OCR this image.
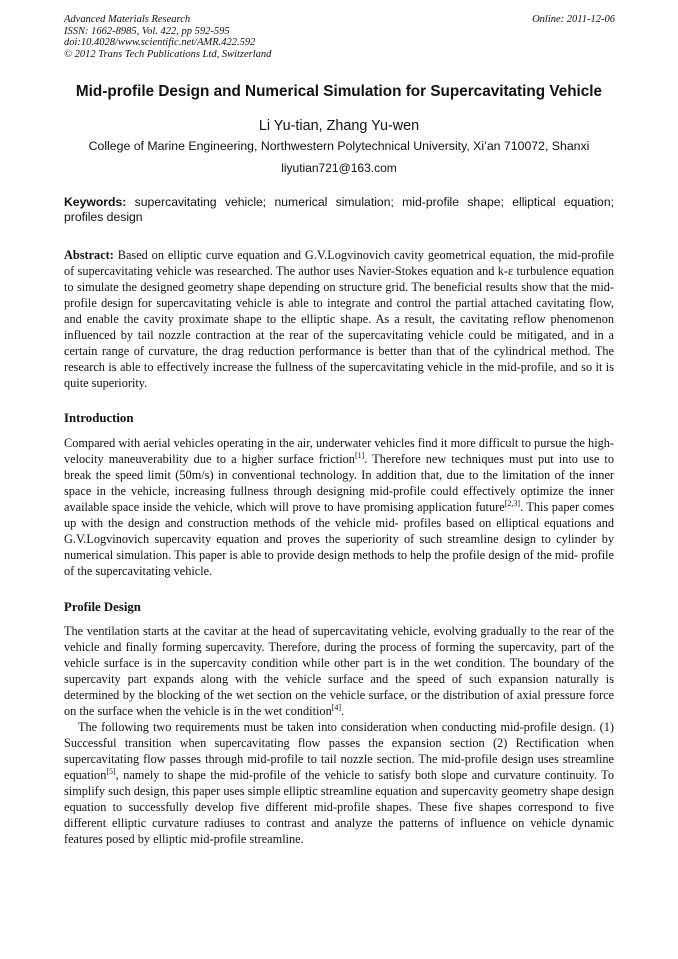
Advanced Materials Research
ISSN: 1662-8985, Vol. 422, pp 592-595
doi:10.4028/www.scientific.net/AMR.422.592
© 2012 Trans Tech Publications Ltd, Switzerland
Online: 2011-12-06
Mid-profile Design and Numerical Simulation for Supercavitating Vehicle
Li Yu-tian, Zhang Yu-wen
College of Marine Engineering, Northwestern Polytechnical University, Xi’an 710072, Shanxi
liyutian721@163.com
Keywords: supercavitating vehicle; numerical simulation; mid-profile shape; elliptical equation; profiles design
Abstract: Based on elliptic curve equation and G.V.Logvinovich cavity geometrical equation, the mid-profile of supercavitating vehicle was researched. The author uses Navier-Stokes equation and k-ε turbulence equation to simulate the designed geometry shape depending on structure grid. The beneficial results show that the mid-profile design for supercavitating vehicle is able to integrate and control the partial attached cavitating flow, and enable the cavity proximate shape to the elliptic shape. As a result, the cavitating reflow phenomenon influenced by tail nozzle contraction at the rear of the supercavitating vehicle could be mitigated, and in a certain range of curvature, the drag reduction performance is better than that of the cylindrical method. The research is able to effectively increase the fullness of the supercavitating vehicle in the mid-profile, and so it is quite superiority.
Introduction
Compared with aerial vehicles operating in the air, underwater vehicles find it more difficult to pursue the high-velocity maneuverability due to a higher surface friction[1]. Therefore new techniques must put into use to break the speed limit (50m/s) in conventional technology. In addition that, due to the limitation of the inner space in the vehicle, increasing fullness through designing mid-profile could effectively optimize the inner available space inside the vehicle, which will prove to have promising application future[2,3]. This paper comes up with the design and construction methods of the vehicle mid- profiles based on elliptical equations and G.V.Logvinovich supercavity equation and proves the superiority of such streamline design to cylinder by numerical simulation. This paper is able to provide design methods to help the profile design of the mid- profile of the supercavitating vehicle.
Profile Design

The ventilation starts at the cavitar at the head of supercavitating vehicle, evolving gradually to the rear of the vehicle and finally forming supercavity. Therefore, during the process of forming the supercavity, part of the vehicle surface is in the supercavity condition while other part is in the wet condition. The boundary of the supercavity part expands along with the vehicle surface and the speed of such expansion naturally is determined by the blocking of the wet section on the vehicle surface, or the distribution of axial pressure force on the surface when the vehicle is in the wet condition[4].

The following two requirements must be taken into consideration when conducting mid-profile design. (1) Successful transition when supercavitating flow passes the expansion section (2) Rectification when supercavitating flow passes through mid-profile to tail nozzle section. The mid-profile design uses streamline equation[5], namely to shape the mid-profile of the vehicle to satisfy both slope and curvature continuity. To simplify such design, this paper uses simple elliptic streamline equation and supercavity geometry shape design equation to successfully develop five different mid-profile shapes. These five shapes correspond to five different elliptic curvature radiuses to contrast and analyze the patterns of influence on vehicle dynamic features posed by elliptic mid-profile streamline.
